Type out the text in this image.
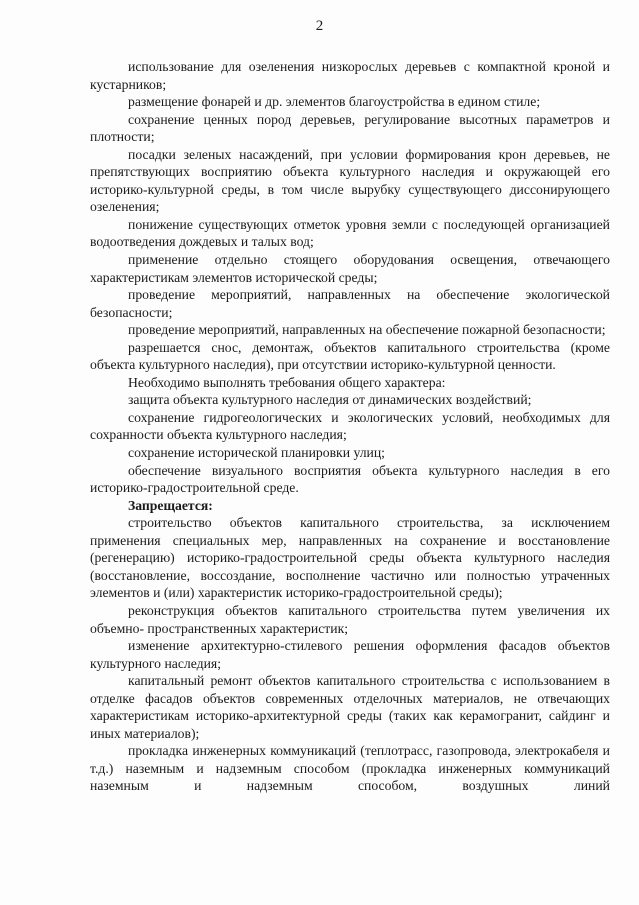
2

использование для озеленения низкорослых деревьев с компактной кроной и кустарников;

размещение фонарей и др. элементов благоустройства в едином стиле;

сохранение ценных пород деревьев, регулирование высотных параметров и плотности;

посадки зеленых насаждений, при условии формирования крон деревьев, не препятствующих восприятию объекта культурного наследия и окружающей его историко-культурной среды, в том числе вырубку существующего диссонирующего озеленения;

понижение существующих отметок уровня земли с последующей организацией водоотведения дождевых и талых вод;

применение отдельно стоящего оборудования освещения, отвечающего характеристикам элементов исторической среды;

проведение мероприятий, направленных на обеспечение экологической безопасности;

проведение мероприятий, направленных на обеспечение пожарной безопасности;

разрешается снос, демонтаж, объектов капитального строительства (кроме объекта культурного наследия), при отсутствии историко-культурной ценности.

Необходимо выполнять требования общего характера:

защита объекта культурного наследия от динамических воздействий;

сохранение гидрогеологических и экологических условий, необходимых для сохранности объекта культурного наследия;

сохранение исторической планировки улиц;

обеспечение визуального восприятия объекта культурного наследия в его историко-градостроительной среде.

Запрещается:

строительство объектов капитального строительства, за исключением применения специальных мер, направленных на сохранение и восстановление (регенерацию) историко-градостроительной среды объекта культурного наследия (восстановление, воссоздание, восполнение частично или полностью утраченных элементов и (или) характеристик историко-градостроительной среды);

реконструкция объектов капитального строительства путем увеличения их объемно- пространственных характеристик;

изменение архитектурно-стилевого решения оформления фасадов объектов культурного наследия;

капитальный ремонт объектов капитального строительства с использованием в отделке фасадов объектов современных отделочных материалов, не отвечающих характеристикам историко-архитектурной среды (таких как керамогранит, сайдинг и иных материалов);

прокладка инженерных коммуникаций (теплотрасс, газопровода, электрокабеля и т.д.) наземным и надземным способом (прокладка инженерных коммуникаций наземным и надземным способом, воздушных линий
